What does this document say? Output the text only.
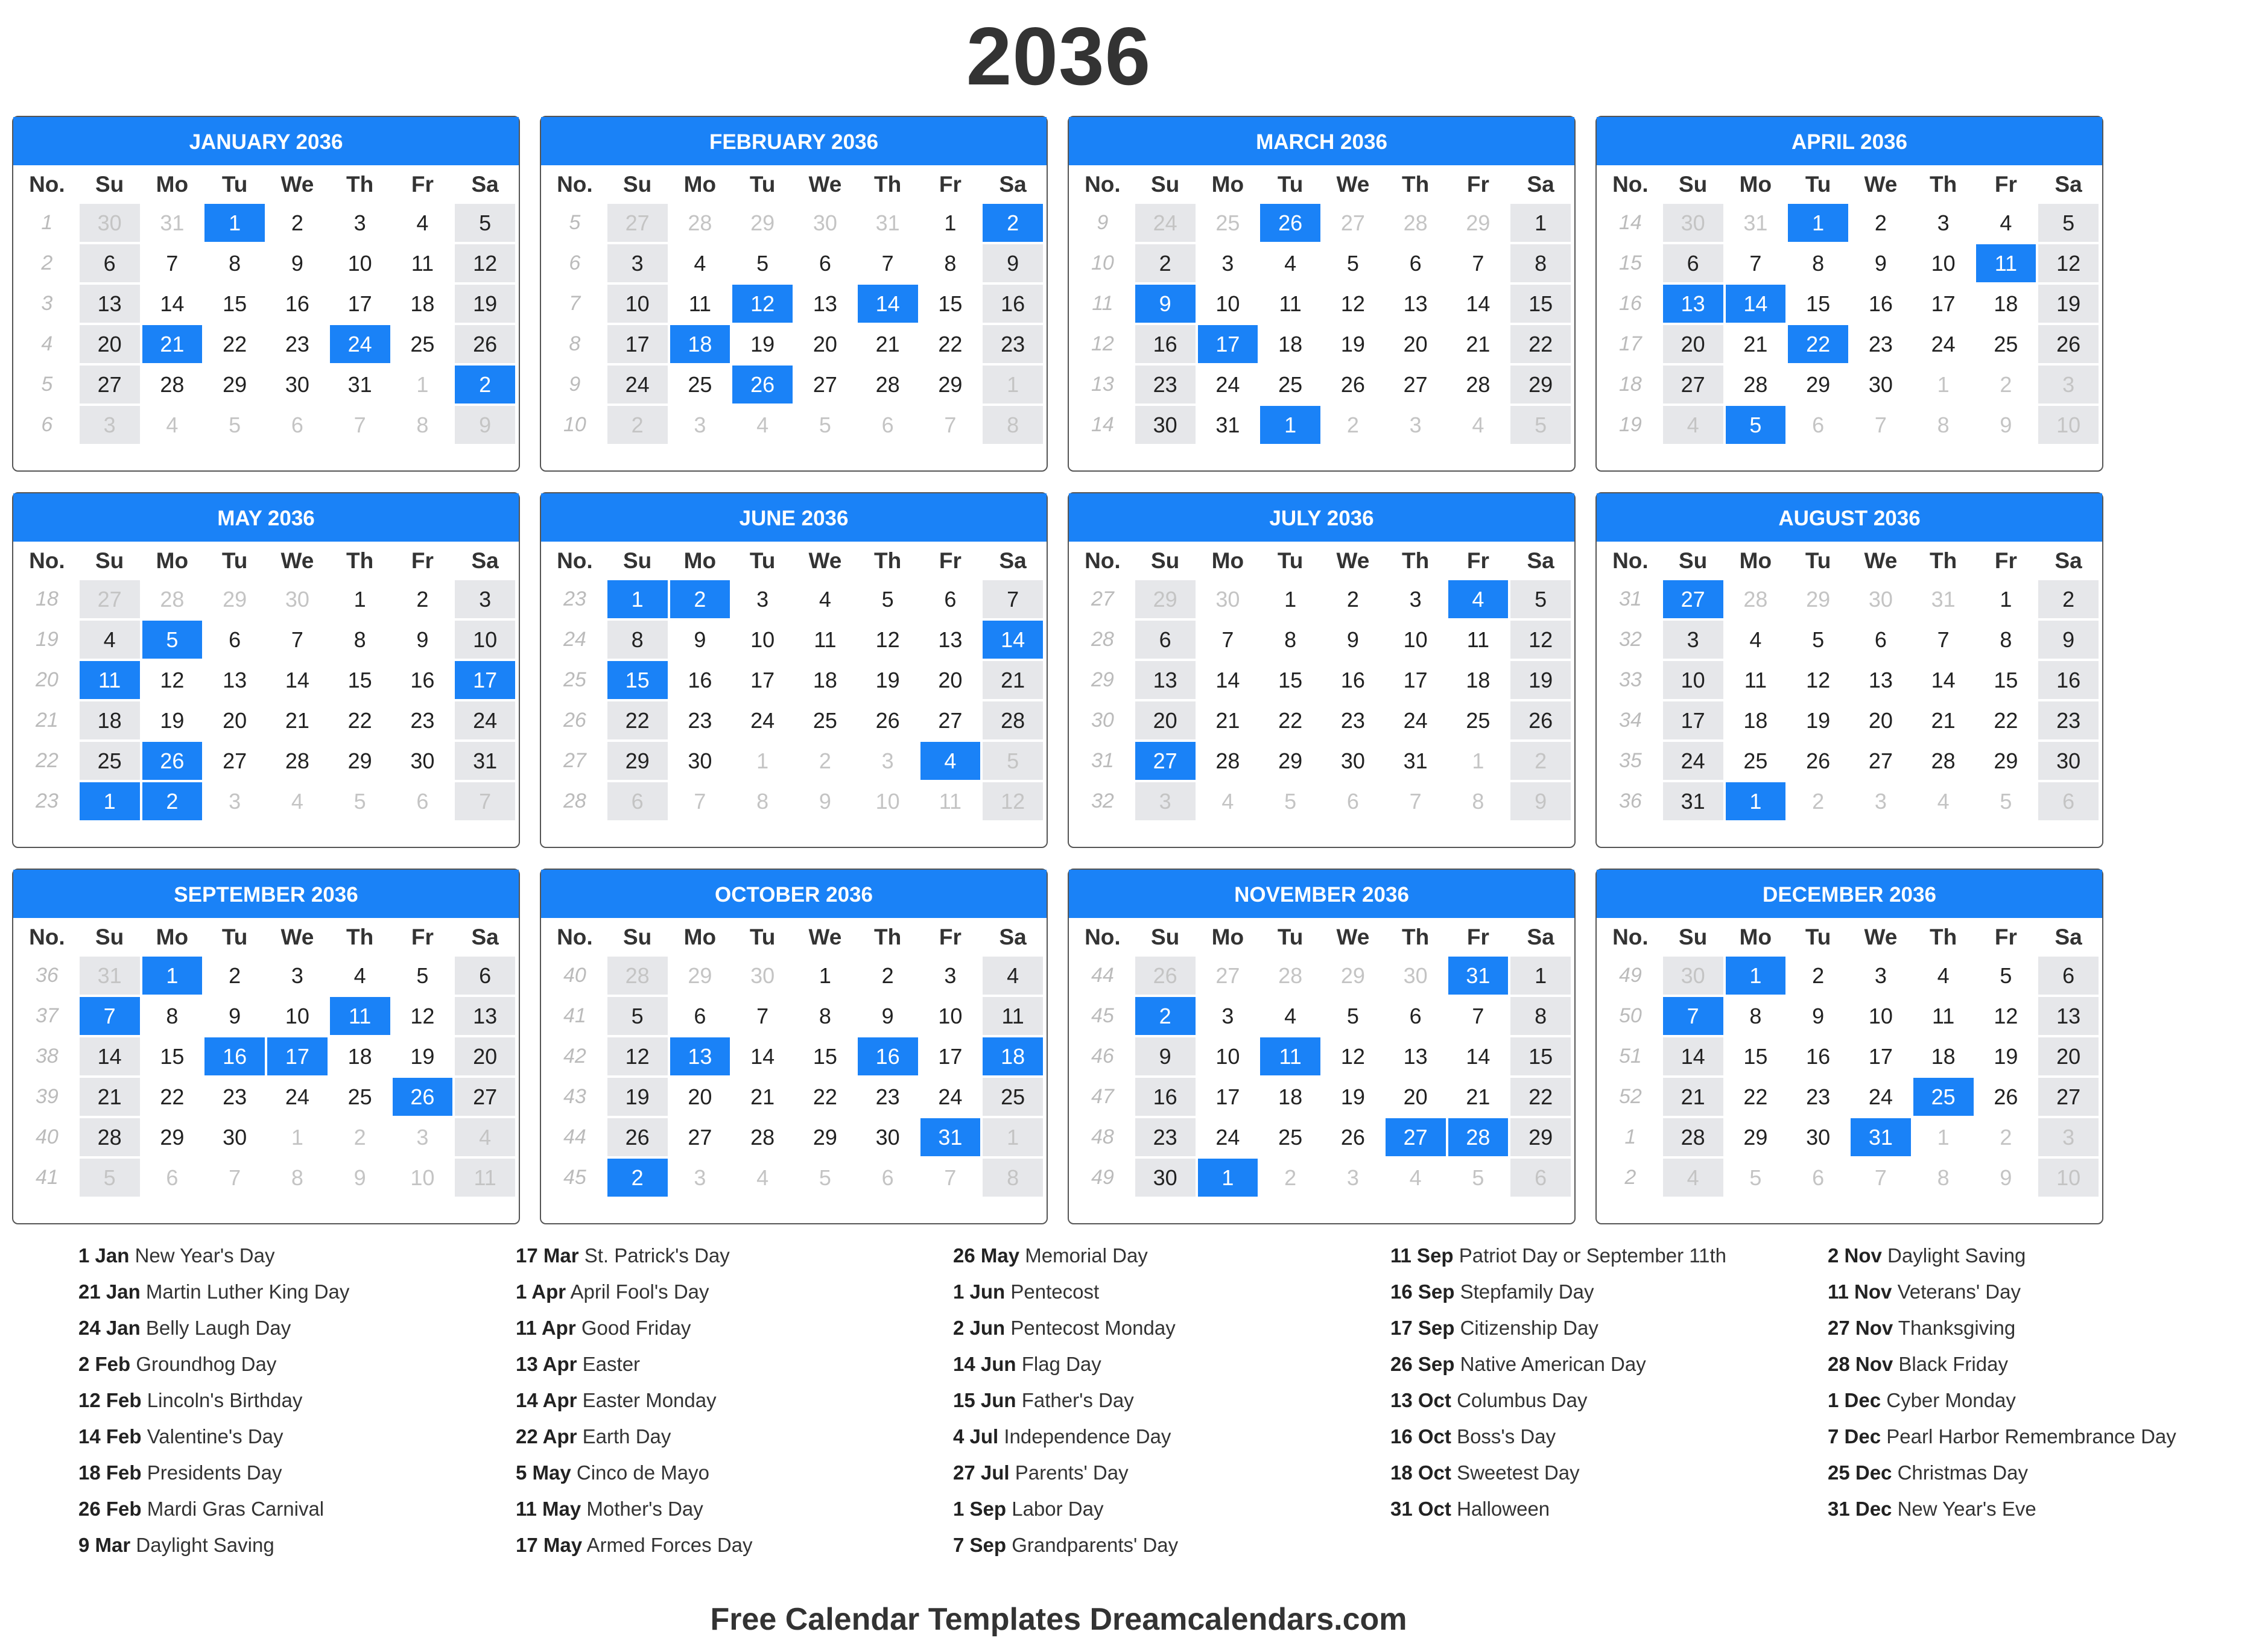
2036
JANUARY 2036
No.	Su	Mo	Tu	We	Th	Fr	Sa
1	30	31	1	2	3	4	5
2	6	7	8	9	10	11	12
3	13	14	15	16	17	18	19
4	20	21	22	23	24	25	26
5	27	28	29	30	31	1	2
6	3	4	5	6	7	8	9
FEBRUARY 2036
No.	Su	Mo	Tu	We	Th	Fr	Sa
5	27	28	29	30	31	1	2
6	3	4	5	6	7	8	9
7	10	11	12	13	14	15	16
8	17	18	19	20	21	22	23
9	24	25	26	27	28	29	1
10	2	3	4	5	6	7	8
MARCH 2036
No.	Su	Mo	Tu	We	Th	Fr	Sa
9	24	25	26	27	28	29	1
10	2	3	4	5	6	7	8
11	9	10	11	12	13	14	15
12	16	17	18	19	20	21	22
13	23	24	25	26	27	28	29
14	30	31	1	2	3	4	5
APRIL 2036
No.	Su	Mo	Tu	We	Th	Fr	Sa
14	30	31	1	2	3	4	5
15	6	7	8	9	10	11	12
16	13	14	15	16	17	18	19
17	20	21	22	23	24	25	26
18	27	28	29	30	1	2	3
19	4	5	6	7	8	9	10
MAY 2036
No.	Su	Mo	Tu	We	Th	Fr	Sa
18	27	28	29	30	1	2	3
19	4	5	6	7	8	9	10
20	11	12	13	14	15	16	17
21	18	19	20	21	22	23	24
22	25	26	27	28	29	30	31
23	1	2	3	4	5	6	7
JUNE 2036
No.	Su	Mo	Tu	We	Th	Fr	Sa
23	1	2	3	4	5	6	7
24	8	9	10	11	12	13	14
25	15	16	17	18	19	20	21
26	22	23	24	25	26	27	28
27	29	30	1	2	3	4	5
28	6	7	8	9	10	11	12
JULY 2036
No.	Su	Mo	Tu	We	Th	Fr	Sa
27	29	30	1	2	3	4	5
28	6	7	8	9	10	11	12
29	13	14	15	16	17	18	19
30	20	21	22	23	24	25	26
31	27	28	29	30	31	1	2
32	3	4	5	6	7	8	9
AUGUST 2036
No.	Su	Mo	Tu	We	Th	Fr	Sa
31	27	28	29	30	31	1	2
32	3	4	5	6	7	8	9
33	10	11	12	13	14	15	16
34	17	18	19	20	21	22	23
35	24	25	26	27	28	29	30
36	31	1	2	3	4	5	6
SEPTEMBER 2036
No.	Su	Mo	Tu	We	Th	Fr	Sa
36	31	1	2	3	4	5	6
37	7	8	9	10	11	12	13
38	14	15	16	17	18	19	20
39	21	22	23	24	25	26	27
40	28	29	30	1	2	3	4
41	5	6	7	8	9	10	11
OCTOBER 2036
No.	Su	Mo	Tu	We	Th	Fr	Sa
40	28	29	30	1	2	3	4
41	5	6	7	8	9	10	11
42	12	13	14	15	16	17	18
43	19	20	21	22	23	24	25
44	26	27	28	29	30	31	1
45	2	3	4	5	6	7	8
NOVEMBER 2036
No.	Su	Mo	Tu	We	Th	Fr	Sa
44	26	27	28	29	30	31	1
45	2	3	4	5	6	7	8
46	9	10	11	12	13	14	15
47	16	17	18	19	20	21	22
48	23	24	25	26	27	28	29
49	30	1	2	3	4	5	6
DECEMBER 2036
No.	Su	Mo	Tu	We	Th	Fr	Sa
49	30	1	2	3	4	5	6
50	7	8	9	10	11	12	13
51	14	15	16	17	18	19	20
52	21	22	23	24	25	26	27
1	28	29	30	31	1	2	3
2	4	5	6	7	8	9	10
1 Jan New Year's Day
21 Jan Martin Luther King Day
24 Jan Belly Laugh Day
2 Feb Groundhog Day
12 Feb Lincoln's Birthday
14 Feb Valentine's Day
18 Feb Presidents Day
26 Feb Mardi Gras Carnival
9 Mar Daylight Saving
17 Mar St. Patrick's Day
1 Apr April Fool's Day
11 Apr Good Friday
13 Apr Easter
14 Apr Easter Monday
22 Apr Earth Day
5 May Cinco de Mayo
11 May Mother's Day
17 May Armed Forces Day
26 May Memorial Day
1 Jun Pentecost
2 Jun Pentecost Monday
14 Jun Flag Day
15 Jun Father's Day
4 Jul Independence Day
27 Jul Parents' Day
1 Sep Labor Day
7 Sep Grandparents' Day
11 Sep Patriot Day or September 11th
16 Sep Stepfamily Day
17 Sep Citizenship Day
26 Sep Native American Day
13 Oct Columbus Day
16 Oct Boss's Day
18 Oct Sweetest Day
31 Oct Halloween
2 Nov Daylight Saving
11 Nov Veterans' Day
27 Nov Thanksgiving
28 Nov Black Friday
1 Dec Cyber Monday
7 Dec Pearl Harbor Remembrance Day
25 Dec Christmas Day
31 Dec New Year's Eve
Free Calendar Templates Dreamcalendars.com
